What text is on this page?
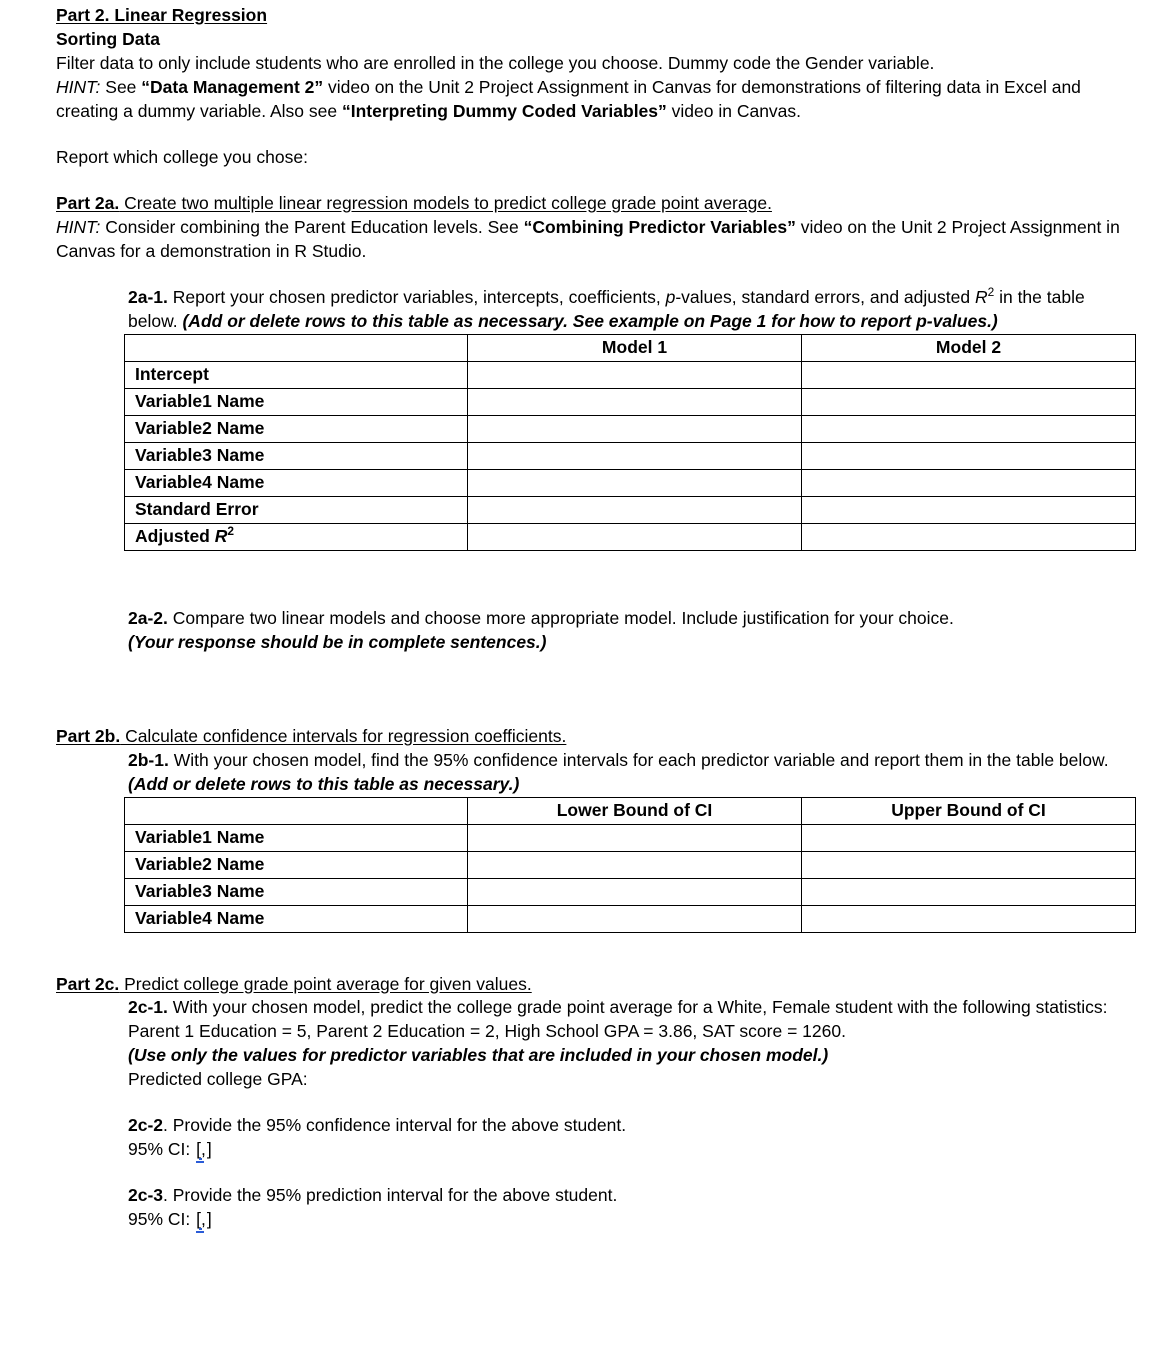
Part 2. Linear Regression

Sorting Data

Filter data to only include students who are enrolled in the college you choose. Dummy code the Gender variable.

HINT: See “Data Management 2” video on the Unit 2 Project Assignment in Canvas for demonstrations of filtering data in Excel and creating a dummy variable. Also see “Interpreting Dummy Coded Variables” video in Canvas.

Report which college you chose:

Part 2a. Create two multiple linear regression models to predict college grade point average.

HINT: Consider combining the Parent Education levels. See “Combining Predictor Variables” video on the Unit 2 Project Assignment in Canvas for a demonstration in R Studio.

2a-1. Report your chosen predictor variables, intercepts, coefficients, p-values, standard errors, and adjusted $R^2$ in the table below. (Add or delete rows to this table as necessary. See example on Page 1 for how to report p-values.)

	Model 1	Model 2
Intercept		
Variable1 Name		
Variable2 Name		
Variable3 Name		
Variable4 Name		
Standard Error		
Adjusted $R^2$		

2a-2. Compare two linear models and choose more appropriate model. Include justification for your choice.

(Your response should be in complete sentences.)

Part 2b. Calculate confidence intervals for regression coefficients.

2b-1. With your chosen model, find the 95% confidence intervals for each predictor variable and report them in the table below. (Add or delete rows to this table as necessary.)

	Lower Bound of CI	Upper Bound of CI
Variable1 Name		
Variable2 Name		
Variable3 Name		
Variable4 Name		

Part 2c. Predict college grade point average for given values.

2c-1. With your chosen model, predict the college grade point average for a White, Female student with the following statistics: Parent 1 Education = 5, Parent 2 Education = 2, High School GPA = 3.86, SAT score = 1260.

(Use only the values for predictor variables that are included in your chosen model.)

Predicted college GPA:

2c-2. Provide the 95% confidence interval for the above student.

95% CI: [,
]

2c-3. Provide the 95% prediction interval for the above student.

95% CI: [,
]
